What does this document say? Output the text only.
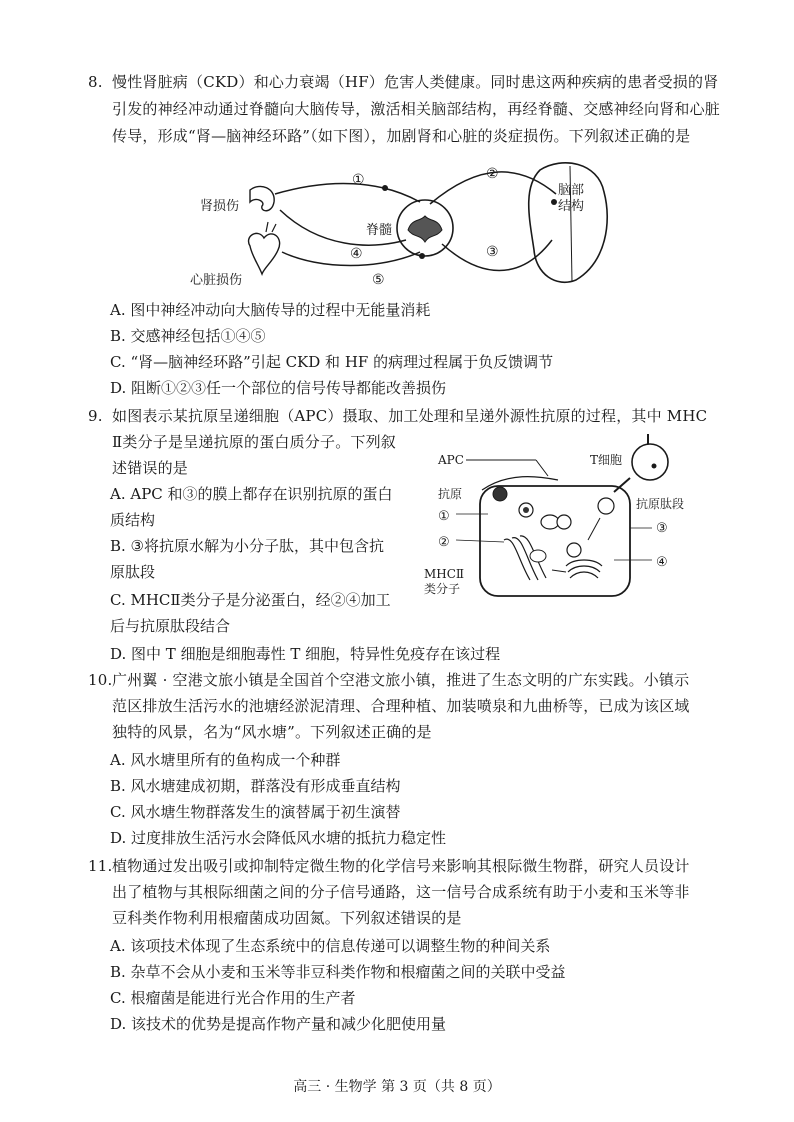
8. 慢性肾脏病（CKD）和心力衰竭（HF）危害人类健康。同时患这两种疾病的患者受损的肾
引发的神经冲动通过脊髓向大脑传导，激活相关脑部结构，再经脊髓、交感神经向肾和心脏
传导，形成“肾—脑神经环路”（如下图），加剧肾和心脏的炎症损伤。下列叙述正确的是
肾损伤
心脏损伤
脊髓
脑部
结构
①	②
③
④
⑤
A. 图中神经冲动向大脑传导的过程中无能量消耗
B. 交感神经包括①④⑤
C. “肾—脑神经环路”引起 CKD 和 HF 的病理过程属于负反馈调节
D. 阻断①②③任一个部位的信号传导都能改善损伤
9. 如图表示某抗原呈递细胞（APC）摄取、加工处理和呈递外源性抗原的过程，其中 MHC
Ⅱ类分子是呈递抗原的蛋白质分子。下列叙
述错误的是
A. APC 和③的膜上都存在识别抗原的蛋白
质结构
B. ③将抗原水解为小分子肽，其中包含抗
原肽段
C. MHCⅡ类分子是分泌蛋白，经②④加工
后与抗原肽段结合
D. 图中 T 细胞是细胞毒性 T 细胞，特异性免疫存在该过程
APC	T细胞
抗原
抗原肽段
①
②
③
④
MHCⅡ
类分子
10. 广州翼 · 空港文旅小镇是全国首个空港文旅小镇，推进了生态文明的广东实践。小镇示
范区排放生活污水的池塘经淤泥清理、合理种植、加装喷泉和九曲桥等，已成为该区域
独特的风景，名为“风水塘”。下列叙述正确的是
A. 风水塘里所有的鱼构成一个种群
B. 风水塘建成初期，群落没有形成垂直结构
C. 风水塘生物群落发生的演替属于初生演替
D. 过度排放生活污水会降低风水塘的抵抗力稳定性
11. 植物通过发出吸引或抑制特定微生物的化学信号来影响其根际微生物群，研究人员设计
出了植物与其根际细菌之间的分子信号通路，这一信号合成系统有助于小麦和玉米等非
豆科类作物利用根瘤菌成功固氮。下列叙述错误的是
A. 该项技术体现了生态系统中的信息传递可以调整生物的种间关系
B. 杂草不会从小麦和玉米等非豆科类作物和根瘤菌之间的关联中受益
C. 根瘤菌是能进行光合作用的生产者
D. 该技术的优势是提高作物产量和减少化肥使用量
高三 · 生物学 第 3 页（共 8 页）
